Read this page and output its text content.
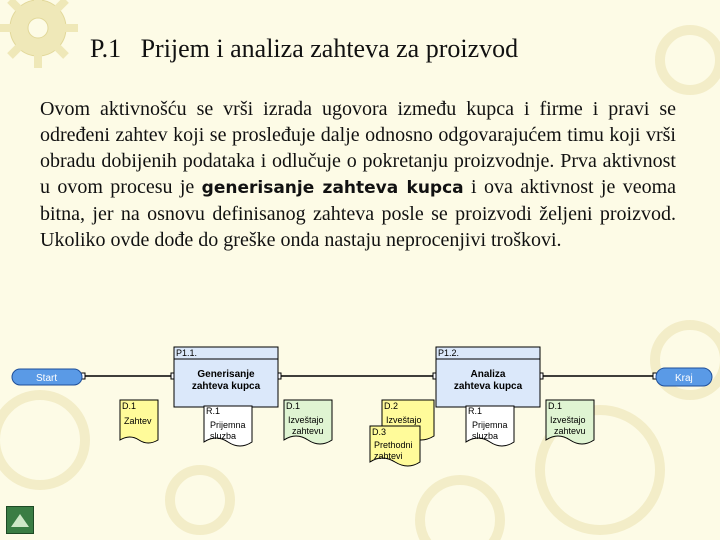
P.1   Prijem i analiza zahteva za proizvod
Ovom aktivnošću se vrši izrada ugovora između kupca i firme i pravi se određeni zahtev koji se prosleđuje dalje odnosno odgovarajućem timu koji vrši obradu dobijenih podataka i odlučuje o pokretanju proizvodnje. Prva aktivnost u ovom procesu je generisanje zahteva kupca i ova aktivnost je veoma bitna, jer na osnovu definisanog zahteva posle se proizvodi željeni proizvod. Ukoliko ovde dođe do greške onda nastaju neprocenjivi troškovi.
Start	Kraj
P1.1.
Generisanje
zahteva kupca
P1.2.
Analiza
zahteva kupca
D.1
Zahtev
R.1
Prijemna
sluzba
D.1
Izveštajo
zahtevu
D.2
Izveštajo
D.3
Prethodni
zahtevi
R.1
Prijemna
sluzba
D.1
Izveštajo
zahtevu
